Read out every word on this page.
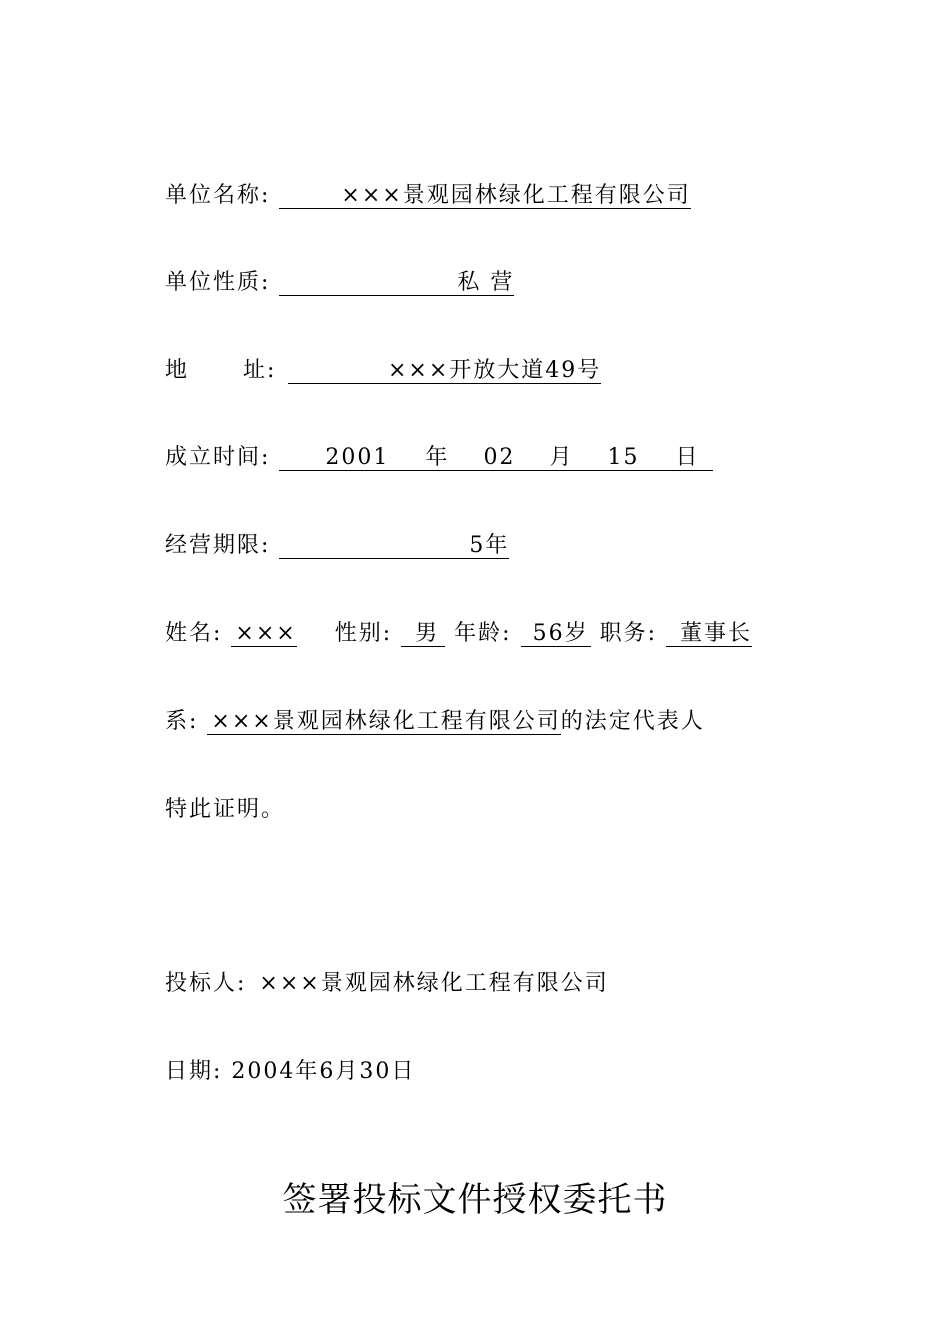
单位名称:	×××景观园林绿化工程有限公司
单位性质:	私 营
地      址:	×××开放大道49号
成立时间:	2001 年 02 月 15 日
经营期限:	5年
姓名: ××× 性别: 男 年龄: 56岁 职务: 董事长
系: ×××景观园林绿化工程有限公司的法定代表人
特此证明。
投标人: ×××景观园林绿化工程有限公司
日期: 2004年6月30日
签署投标文件授权委托书
